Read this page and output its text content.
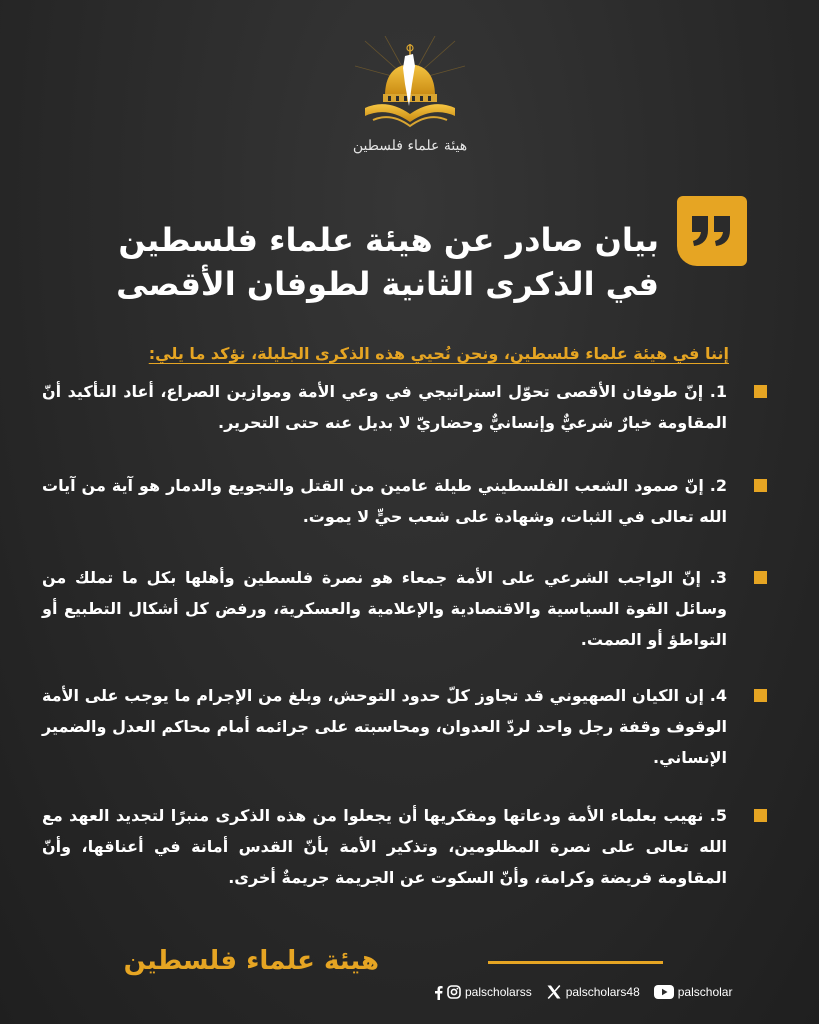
هيئة علماء فلسطين
بيان صادر عن هيئة علماء فلسطين
في الذكرى الثانية لطوفان الأقصى
إننا في هيئة علماء فلسطين، ونحن نُحيي هذه الذكرى الجليلة، نؤكد ما يلي:
1. إنّ طوفان الأقصى تحوّل استراتيجي في وعي الأمة وموازين الصراع، أعاد التأكيد أنّ المقاومة خيارٌ شرعيٌّ وإنسانيٌّ وحضاريّ لا بديل عنه حتى التحرير.
2. إنّ صمود الشعب الفلسطيني طيلة عامين من القتل والتجويع والدمار هو آية من آيات الله تعالى في الثبات، وشهادة على شعب حيٍّ لا يموت.
3. إنّ الواجب الشرعي على الأمة جمعاء هو نصرة فلسطين وأهلها بكل ما تملك من وسائل القوة السياسية والاقتصادية والإعلامية والعسكرية، ورفض كل أشكال التطبيع أو التواطؤ أو الصمت.
4. إن الكيان الصهيوني قد تجاوز كلّ حدود التوحش، وبلغ من الإجرام ما يوجب على الأمة الوقوف وقفة رجل واحد لردّ العدوان، ومحاسبته على جرائمه أمام محاكم العدل والضمير الإنساني.
5. نهيب بعلماء الأمة ودعاتها ومفكريها أن يجعلوا من هذه الذكرى منبرًا لتجديد العهد مع الله تعالى على نصرة المظلومين، وتذكير الأمة بأنّ القدس أمانة في أعناقها، وأنّ المقاومة فريضة وكرامة، وأنّ السكوت عن الجريمة جريمةٌ أخرى.
هيئة علماء فلسطين
palscholarss	palscholars48	palscholar
